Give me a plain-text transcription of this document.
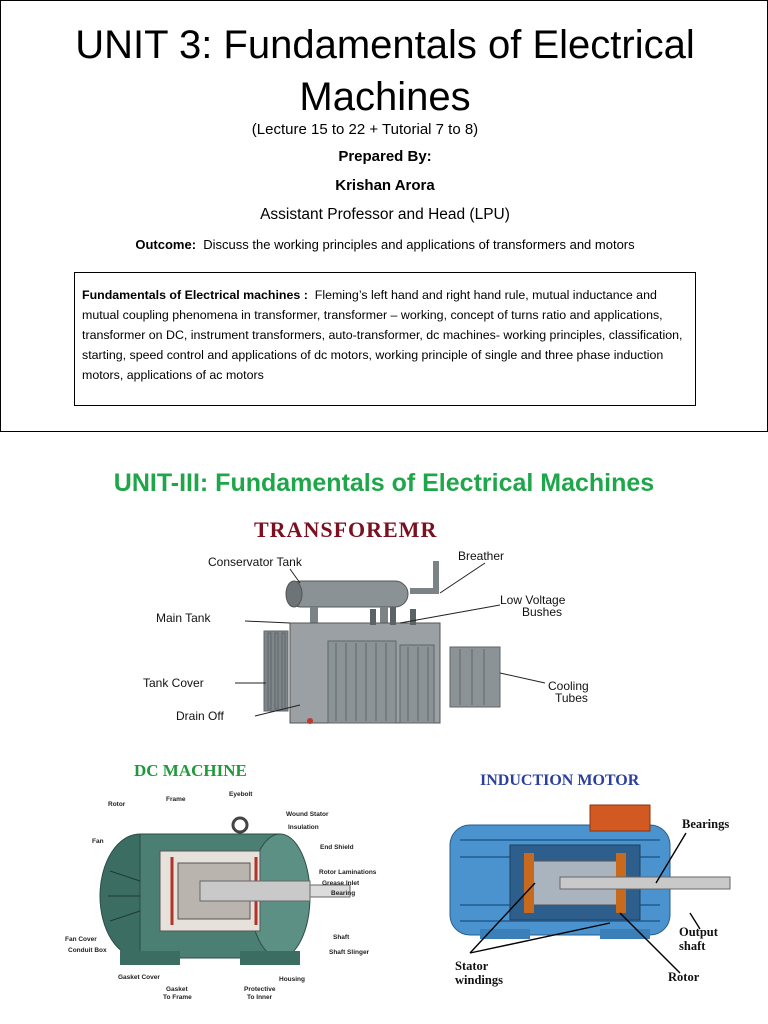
UNIT 3: Fundamentals of Electrical
Machines
(Lecture 15 to 22 + Tutorial 7 to 8)
Prepared By:
Krishan Arora
Assistant Professor and Head (LPU)
Outcome: Discuss the working principles and applications of transformers and motors
Fundamentals of Electrical machines : Fleming’s left hand and right hand rule, mutual inductance and mutual coupling phenomena in transformer, transformer – working, concept of turns ratio and applications, transformer on DC, instrument transformers, auto-transformer, dc machines- working principles, classification, starting, speed control and applications of dc motors, working principle of single and three phase induction motors, applications of ac motors
UNIT-III: Fundamentals of Electrical Machines
TRANSFOREMR
Conservator Tank	Breather
Main Tank
Low Voltage
Bushes
Tank Cover	Cooling
Tubes
Drain Off
DC MACHINE
Rotor
Frame
Eyebolt
Wound Stator
Insulation
End Shield
Fan
Rotor Laminations
Grease Inlet
Bearing
Fan Cover
Conduit Box
Shaft
Shaft Slinger
Gasket Cover
Gasket
To Frame
Protective
To Inner
Housing
INDUCTION MOTOR
Bearings
Output
shaft
Stator
windings	Rotor
